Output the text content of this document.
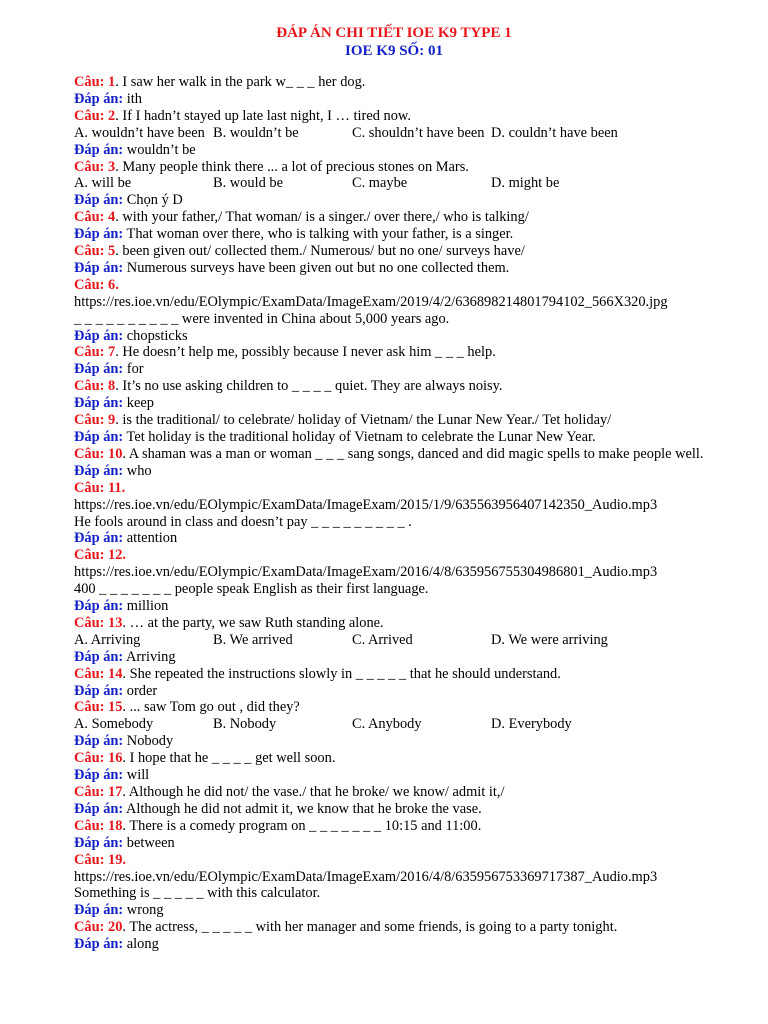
ĐÁP ÁN CHI TIẾT IOE K9 TYPE 1
IOE K9 SỐ: 01
Câu: 1. I saw her walk in the park w_ _ _ her dog.
Đáp án: ith
Câu: 2. If I hadn’t stayed up late last night, I … tired now.
A. wouldn’t have been B. wouldn’t be	C. shouldn’t have been D. couldn’t have been
Đáp án: wouldn’t be
Câu: 3. Many people think there ... a lot of precious stones on Mars.
A. will be	B. would be	C. maybe	D. might be
Đáp án: Chọn ý D
Câu: 4. with your father,/ That woman/ is a singer./ over there,/ who is talking/
Đáp án: That woman over there, who is talking with your father, is a singer.
Câu: 5. been given out/ collected them./ Numerous/ but no one/ surveys have/
Đáp án: Numerous surveys have been given out but no one collected them.
Câu: 6.
https://res.ioe.vn/edu/EOlympic/ExamData/ImageExam/2019/4/2/636898214801794102_566X320.jpg
_ _ _ _ _ _ _ _ _ _ were invented in China about 5,000 years ago.
Đáp án: chopsticks
Câu: 7. He doesn’t help me, possibly because I never ask him _ _ _ help.
Đáp án: for
Câu: 8. It’s no use asking children to _ _ _ _ quiet. They are always noisy.
Đáp án: keep
Câu: 9. is the traditional/ to celebrate/ holiday of Vietnam/ the Lunar New Year./ Tet holiday/
Đáp án: Tet holiday is the traditional holiday of Vietnam to celebrate the Lunar New Year.
Câu: 10. A shaman was a man or woman _ _ _ sang songs, danced and did magic spells to make people well.
Đáp án: who
Câu: 11.
https://res.ioe.vn/edu/EOlympic/ExamData/ImageExam/2015/1/9/635563956407142350_Audio.mp3
He fools around in class and doesn’t pay _ _ _ _ _ _ _ _ _ .
Đáp án: attention
Câu: 12.
https://res.ioe.vn/edu/EOlympic/ExamData/ImageExam/2016/4/8/635956755304986801_Audio.mp3
400 _ _ _ _ _ _ _ people speak English as their first language.
Đáp án: million
Câu: 13. … at the party, we saw Ruth standing alone.
A. Arriving	B. We arrived	C. Arrived	D. We were arriving
Đáp án: Arriving
Câu: 14. She repeated the instructions slowly in _ _ _ _ _ that he should understand.
Đáp án: order
Câu: 15. ... saw Tom go out , did they?
A. Somebody	B. Nobody	C. Anybody	D. Everybody
Đáp án: Nobody
Câu: 16. I hope that he _ _ _ _ get well soon.
Đáp án: will
Câu: 17. Although he did not/ the vase./ that he broke/ we know/ admit it,/
Đáp án: Although he did not admit it, we know that he broke the vase.
Câu: 18. There is a comedy program on _ _ _ _ _ _ _ 10:15 and 11:00.
Đáp án: between
Câu: 19.
https://res.ioe.vn/edu/EOlympic/ExamData/ImageExam/2016/4/8/635956753369717387_Audio.mp3
Something is _ _ _ _ _ with this calculator.
Đáp án: wrong
Câu: 20. The actress, _ _ _ _ _ with her manager and some friends, is going to a party tonight.
Đáp án: along
